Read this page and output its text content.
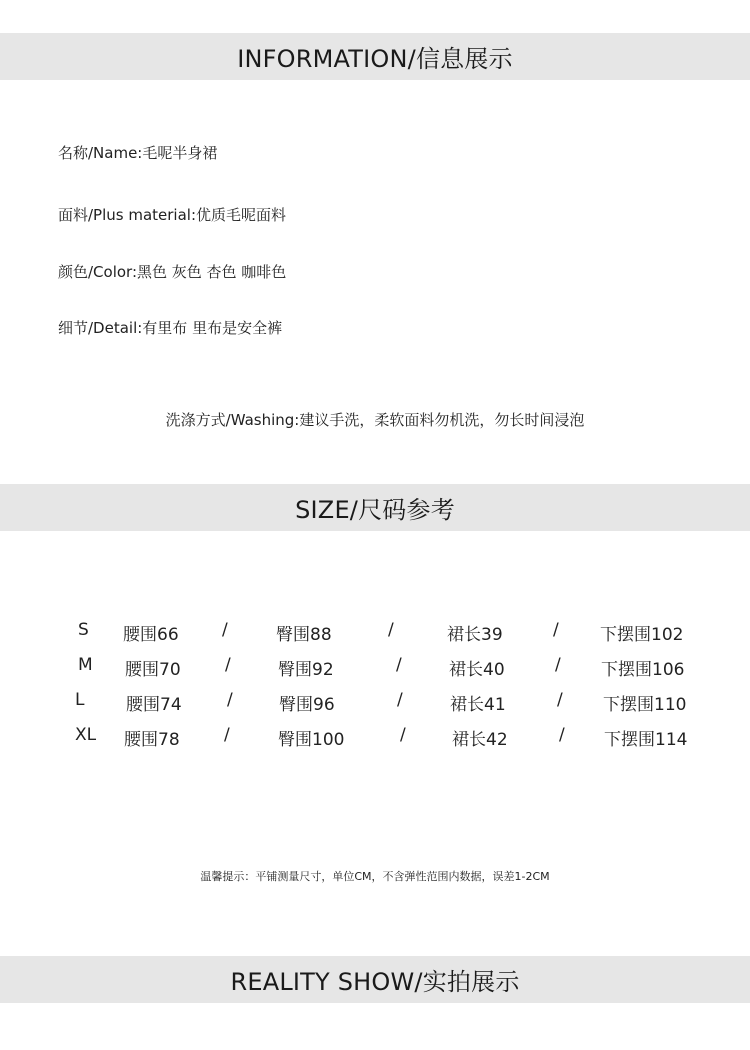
INFORMATION/信息展示
名称/Name:毛呢半身裙
面料/Plus material:优质毛呢面料
颜色/Color:黑色 灰色 杏色 咖啡色
细节/Detail:有里布 里布是安全裤
洗涤方式/Washing:建议手洗，柔软面料勿机洗，勿长时间浸泡
SIZE/尺码参考
S 腰围66	/	臀围88	/	裙长39	/ 下摆围102
M 腰围70	/	臀围92	/	裙长40	/ 下摆围106
L 腰围74	/	臀围96	/	裙长41	/ 下摆围110
XL 腰围78	/	臀围100	/	裙长42	/ 下摆围114
温馨提示：平铺测量尺寸，单位CM，不含弹性范围内数据，误差1-2CM
REALITY SHOW/实拍展示
